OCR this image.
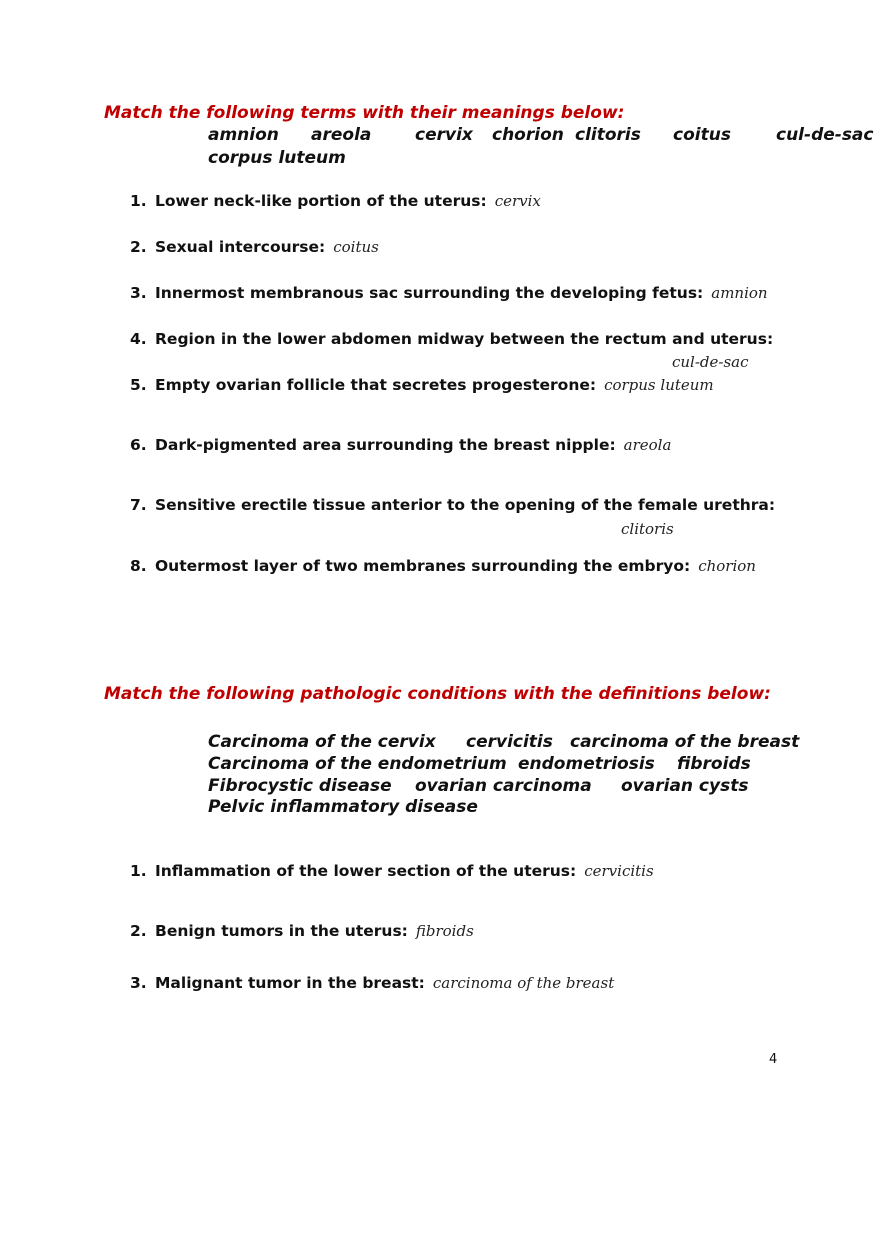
Match the following terms with their meanings below:

amnion areola	cervix chorion clitoris coitus	cul-de-sac
corpus luteum
1. Lower neck-like portion of the uterus: cervix
2. Sexual intercourse: coitus
3. Innermost membranous sac surrounding the developing fetus: amnion
4. Region in the lower abdomen midway between the rectum and uterus:
cul-de-sac
5. Empty ovarian follicle that secretes progesterone: corpus luteum
6. Dark-pigmented area surrounding the breast nipple: areola
7. Sensitive erectile tissue anterior to the opening of the female urethra:
clitoris
8. Outermost layer of two membranes surrounding the embryo: chorion

Match the following pathologic conditions with the definitions below:

Carcinoma of the cervix cervicitis carcinoma of the breast
Carcinoma of the endometrium endometriosis fibroids
Fibrocystic disease ovarian carcinoma ovarian cysts
Pelvic inflammatory disease
1. Inflammation of the lower section of the uterus: cervicitis
2. Benign tumors in the uterus: fibroids
3. Malignant tumor in the breast: carcinoma of the breast
4
